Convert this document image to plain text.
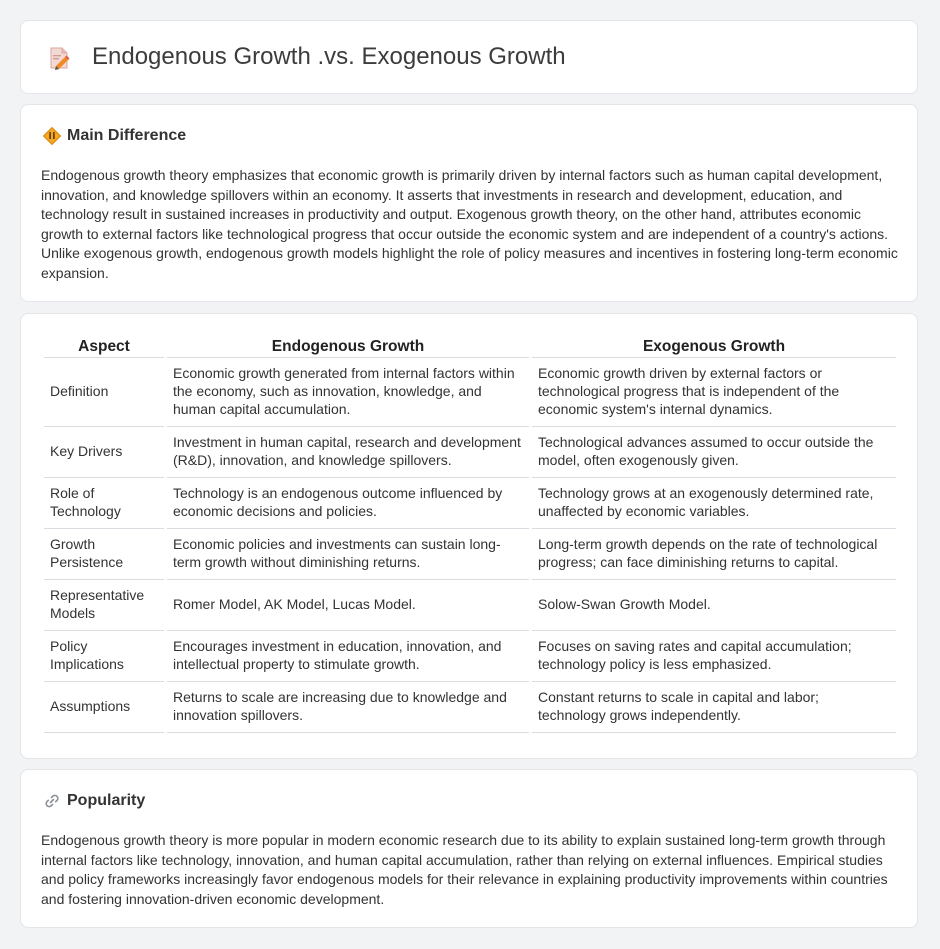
Endogenous Growth .vs. Exogenous Growth
Main Difference

Endogenous growth theory emphasizes that economic growth is primarily driven by internal factors such as human capital development, innovation, and knowledge spillovers within an economy. It asserts that investments in research and development, education, and technology result in sustained increases in productivity and output. Exogenous growth theory, on the other hand, attributes economic growth to external factors like technological progress that occur outside the economic system and are independent of a country's actions. Unlike exogenous growth, endogenous growth models highlight the role of policy measures and incentives in fostering long-term economic expansion.

Aspect	Endogenous Growth	Exogenous Growth
Definition	Economic growth generated from internal factors within the economy, such as innovation, knowledge, and human capital accumulation.	Economic growth driven by external factors or technological progress that is independent of the economic system's internal dynamics.
Key Drivers	Investment in human capital, research and development (R&D), innovation, and knowledge spillovers.	Technological advances assumed to occur outside the model, often exogenously given.
Role of Technology	Technology is an endogenous outcome influenced by economic decisions and policies.	Technology grows at an exogenously determined rate, unaffected by economic variables.
Growth Persistence	Economic policies and investments can sustain long-term growth without diminishing returns.	Long-term growth depends on the rate of technological progress; can face diminishing returns to capital.
Representative Models	Romer Model, AK Model, Lucas Model.	Solow-Swan Growth Model.
Policy Implications	Encourages investment in education, innovation, and intellectual property to stimulate growth.	Focuses on saving rates and capital accumulation; technology policy is less emphasized.
Assumptions	Returns to scale are increasing due to knowledge and innovation spillovers.	Constant returns to scale in capital and labor; technology grows independently.
Popularity

Endogenous growth theory is more popular in modern economic research due to its ability to explain sustained long-term growth through internal factors like technology, innovation, and human capital accumulation, rather than relying on external influences. Empirical studies and policy frameworks increasingly favor endogenous models for their relevance in explaining productivity improvements within countries and fostering innovation-driven economic development.
